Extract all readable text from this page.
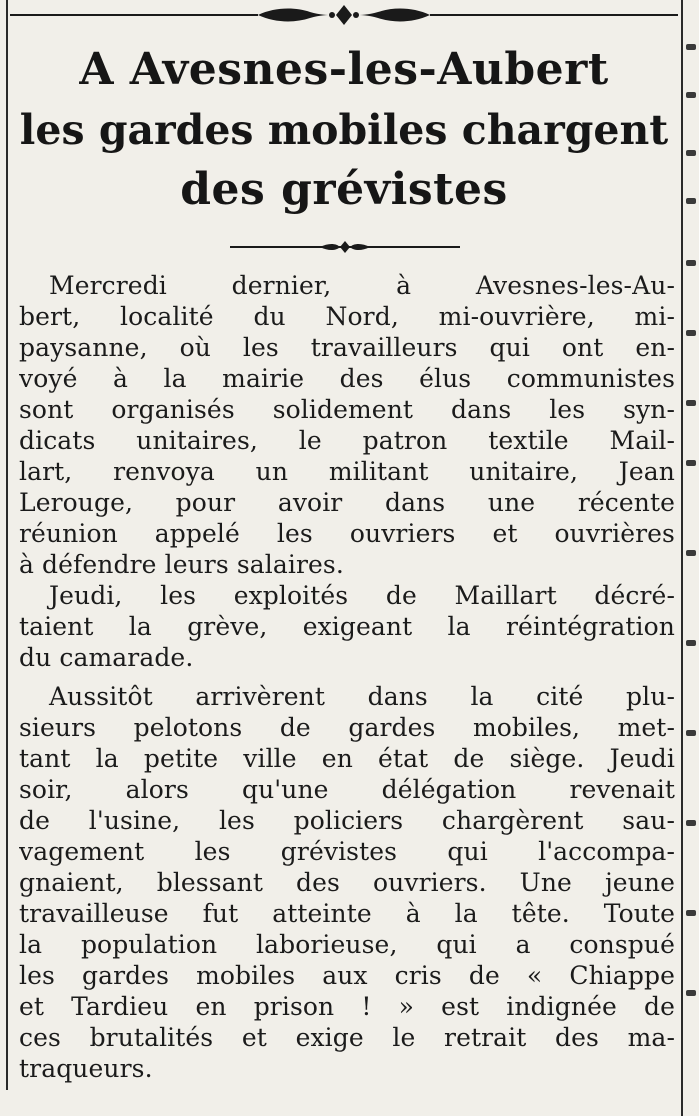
A Avesnes-les-Aubert
les gardes mobiles chargent
des grévistes
Mercredi dernier, à Avesnes-les-Au-
bert, localité du Nord, mi-ouvrière, mi-
paysanne, où les travailleurs qui ont en-
voyé à la mairie des élus communistes
sont organisés solidement dans les syn-
dicats unitaires, le patron textile Mail-
lart, renvoya un militant unitaire, Jean
Lerouge, pour avoir dans une récente
réunion appelé les ouvriers et ouvrières
à défendre leurs salaires.
Jeudi, les exploités de Maillart décré-
taient la grève, exigeant la réintégration
du camarade.
Aussitôt arrivèrent dans la cité plu-
sieurs pelotons de gardes mobiles, met-
tant la petite ville en état de siège. Jeudi
soir, alors qu'une délégation revenait
de l'usine, les policiers chargèrent sau-
vagement les grévistes qui l'accompa-
gnaient, blessant des ouvriers. Une jeune
travailleuse fut atteinte à la tête. Toute
la population laborieuse, qui a conspué
les gardes mobiles aux cris de « Chiappe
et Tardieu en prison ! » est indignée de
ces brutalités et exige le retrait des ma-
traqueurs.
